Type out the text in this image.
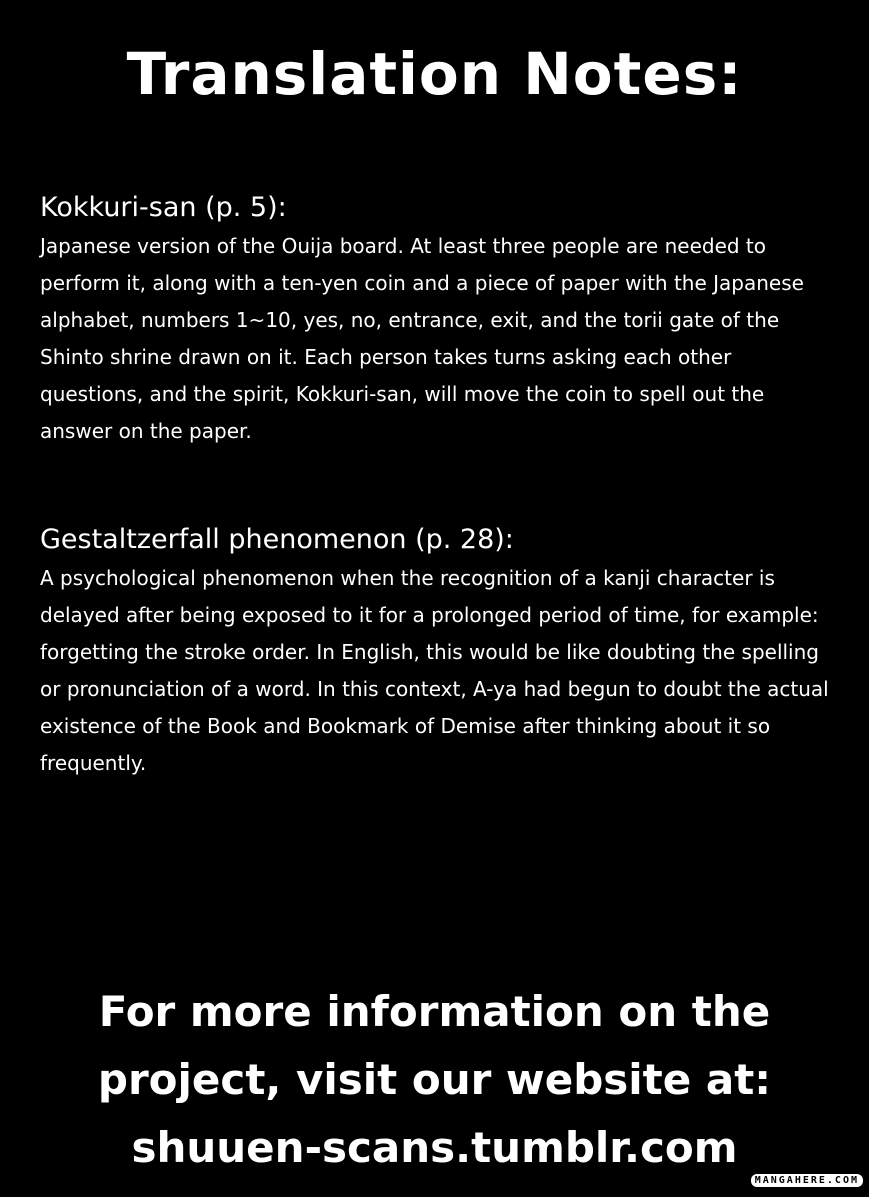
Translation Notes:
Kokkuri-san (p. 5):

Japanese version of the Ouija board. At least three people are needed to perform it, along with a ten-yen coin and a piece of paper with the Japanese alphabet, numbers 1~10, yes, no, entrance, exit, and the torii gate of the Shinto shrine drawn on it. Each person takes turns asking each other questions, and the spirit, Kokkuri-san, will move the coin to spell out the answer on the paper.

Gestaltzerfall phenomenon (p. 28):

A psychological phenomenon when the recognition of a kanji character is delayed after being exposed to it for a prolonged period of time, for example: forgetting the stroke order. In English, this would be like doubting the spelling or pronunciation of a word. In this context, A-ya had begun to doubt the actual existence of the Book and Bookmark of Demise after thinking about it so frequently.

For more information on the
project, visit our website at:
shuuen-scans.tumblr.com
MANGAHERE.COM
